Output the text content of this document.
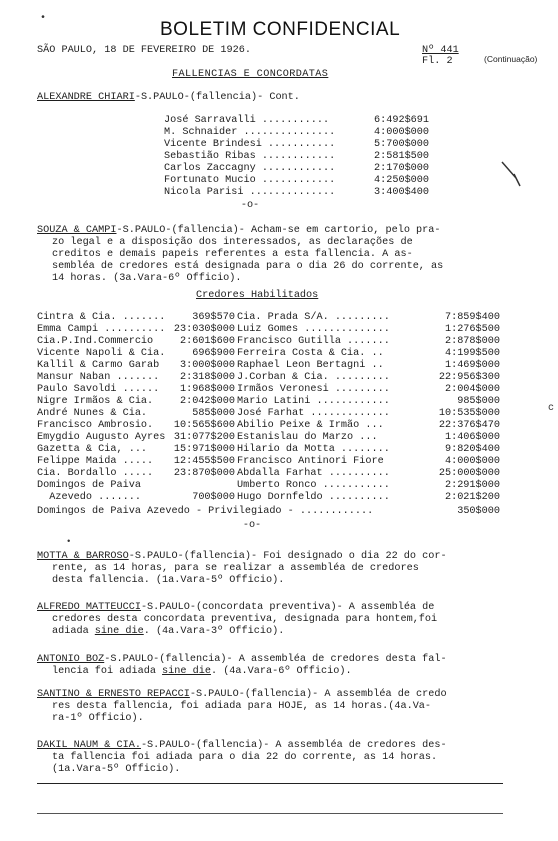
•
BOLETIM CONFIDENCIAL
SÃO PAULO, 18 DE FEVEREIRO DE 1926.	Nº 441
Fl. 2	(Continuação)
FALLENCIAS E CONCORDATAS
ALEXANDRE CHIARI-S.PAULO-(fallencia)- Cont.
José Sarravalli ...........	6:492$691
M. Schnaider ...............	4:000$000
Vicente Brindesi ...........	5:700$000
Sebastião Ribas ............	2:581$500
Carlos Zaccagny ............	2:170$000
Fortunato Mucio ............	4:250$000
Nicola Parisi ..............	3:400$400
-o-
SOUZA & CAMPI-S.PAULO-(fallencia)- Acham-se em cartorio, pelo pra-
zo legal e a disposição dos interessados, as declarações de
creditos e demais papeis referentes a esta fallencia. A as-
sembléa de credores está designada para o dia 26 do corrente, as
14 horas. (3a.Vara-6º Officio).
Credores Habilitados
Cintra & Cia. .......	369$570
Emma Campi .......... 23:030$000
Cia.P.Ind.Commercio	2:601$600
Vicente Napoli & Cia.	696$900
Kallil & Carmo Garab	3:000$000
Mansur Naban .......	2:318$000
Paulo Savoldi ......	1:968$000
Nigre Irmãos & Cia.	2:042$000
André Nunes & Cia.	585$000
Francisco Ambrosio.	10:565$600
Emygdio Augusto Ayres 31:077$200
Gazetta & Cia, ...	15:971$000
Felippe Maida .....	12:455$500
Cia. Bordallo .....	23:870$000
Domingos de Paiva
Azevedo .......	700$000
Cia. Prada S/A. .........	7:859$400
Luiz Gomes ..............	1:276$500
Francisco Gutilla .......	2:878$000
Ferreira Costa & Cia. ..	4:199$500
Raphael Leon Bertagni ..	1:469$000
J.Corban & Cia. .........	22:956$300
Irmãos Veronesi .........	2:004$000
Mario Latini ............	985$000
José Farhat .............	10:535$000
Abilio Peixe & Irmão ...	22:376$470
Estanislau do Marzo ...	1:406$000
Hilario da Motta ........	9:820$400
Francisco Antinori Fiore	4:000$000
Abdalla Farhat ..........	25:000$000
Umberto Ronco ...........	2:291$000
Hugo Dornfeldo ..........	2:021$200
Domingos de Paiva Azevedo - Privilegiado - ............	350$000
-o-
c
•
MOTTA & BARROSO-S.PAULO-(fallencia)- Foi designado o dia 22 do cor-
rente, as 14 horas, para se realizar a assembléa de credores
desta fallencia. (1a.Vara-5º Officio).
ALFREDO MATTEUCCI-S.PAULO-(concordata preventiva)- A assembléa de
credores desta concordata preventiva, designada para hontem,foi
adiada sine die. (4a.Vara-3º Officio).
ANTONIO BOZ-S.PAULO-(fallencia)- A assembléa de credores desta fal-
lencia foi adiada sine die. (4a.Vara-6º Officio).
SANTINO & ERNESTO REPACCI-S.PAULO-(fallencia)- A assembléa de credo
res desta fallencia, foi adiada para HOJE, as 14 horas.(4a.Va-
ra-1º Officio).
DAKIL NAUM & CIA.-S.PAULO-(fallencia)- A assembléa de credores des-
ta fallencia foi adiada para o dia 22 do corrente, as 14 horas.
(1a.Vara-5º Officio).
